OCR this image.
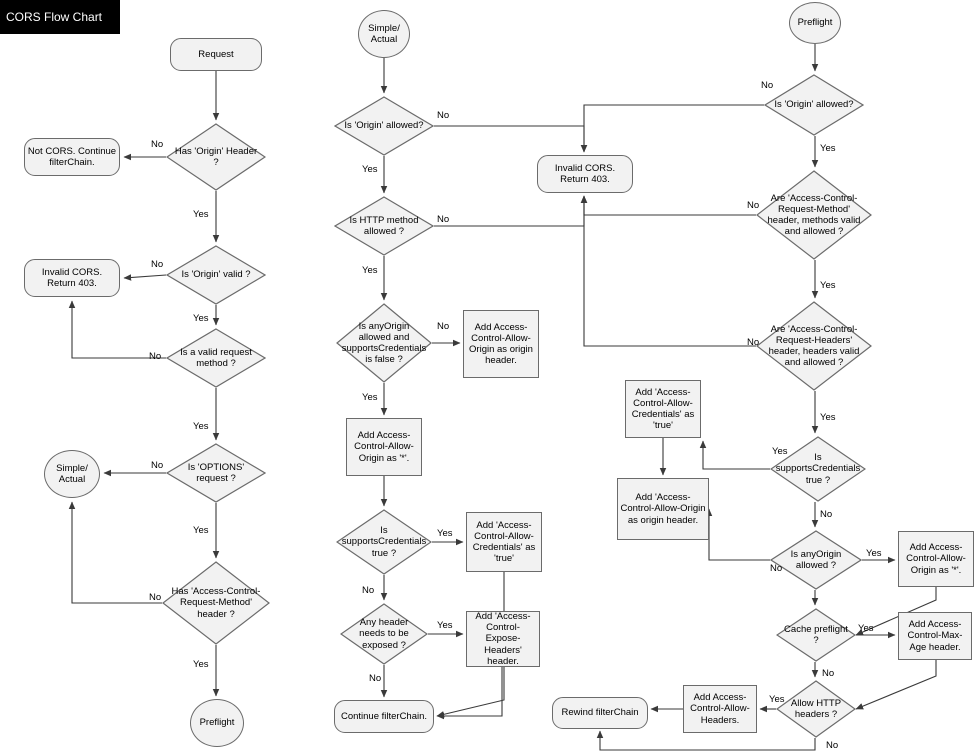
Request
Has 'Origin' Header ?
Not CORS. Continue filterChain.
Is 'Origin' valid ?
Invalid CORS. Return 403.
Is a valid request method ?
Is 'OPTIONS' request ?
Simple/ Actual
Has 'Access-Control-Request-Method' header ?
Preflight
Simple/ Actual
Is 'Origin' allowed?
Invalid CORS. Return 403.
Is HTTP method allowed ?
Is anyOrigin allowed and supportsCredentials is false ?
Add Access-Control-Allow-Origin as origin header.
Add Access-Control-Allow-Origin as '*'.
Is supportsCredentials true ?
Add 'Access-Control-Allow-Credentials' as 'true'
Any header needs to be exposed ?
Add 'Access-Control-Expose-Headers' header.
Continue filterChain.
Preflight
Is 'Origin' allowed?
Are 'Access-Control-Request-Method' header, methods valid and allowed ?
Are 'Access-Control-Request-Headers' header, headers valid and allowed ?
Is supportsCredentials true ?
Add 'Access-Control-Allow-Credentials' as 'true'
Add 'Access-Control-Allow-Origin as origin header.
Is anyOrigin allowed ?
Add Access-Control-Allow-Origin as '*'.
Cache preflight ?
Add Access-Control-Max-Age header.
Allow HTTP headers ?
Add Access-Control-Allow-Headers.
Rewind filterChain
No
Yes
No
Yes
No
Yes
No
Yes
No
Yes
No
Yes
No
Yes
No
Yes
Yes
No
Yes
No
No
Yes
No
Yes
No
Yes
Yes
No
No
Yes
Yes
No
Yes
No
CORS Flow Chart
